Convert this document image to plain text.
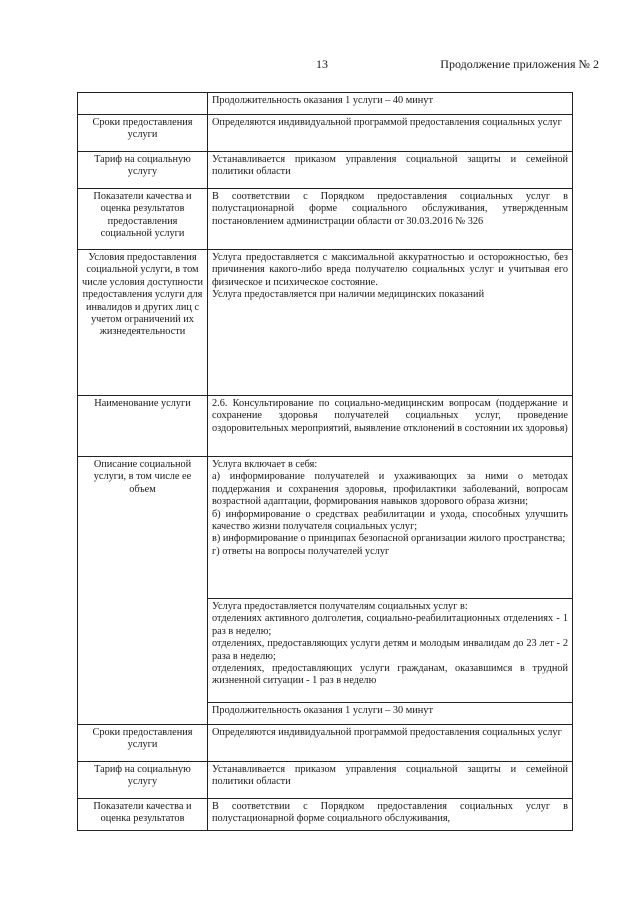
13	Продолжение приложения № 2
	Продолжительность оказания 1 услуги – 40 минут
Сроки предоставления услуги	Определяются индивидуальной программой предоставления социальных услуг
Тариф на социальную услугу	Устанавливается приказом управления социальной защиты и семейной политики области
Показатели качества и оценка результатов предоставления социальной услуги	В соответствии с Порядком предоставления социальных услуг в полустационарной форме социального обслуживания, утвержденным постановлением администрации области от 30.03.2016 № 326
Условия предоставления социальной услуги, в том числе условия доступности предоставления услуги для инвалидов и других лиц с учетом ограничений их жизнедеятельности	Услуга предоставляется с максимальной аккуратностью и осторожностью, без причинения какого-либо вреда получателю социальных услуг и учитывая его физическое и психическое состояние.
Услуга предоставляется при наличии медицинских показаний

Наименование услуги	2.6. Консультирование по социально-медицинским вопросам (поддержание и сохранение здоровья получателей социальных услуг, проведение оздоровительных мероприятий, выявление отклонений в состоянии их здоровья)
Описание социальной услуги, в том числе ее объем	Услуга включает в себя:
а) информирование получателей и ухаживающих за ними о методах поддержания и сохранения здоровья, профилактики заболеваний, вопросам возрастной адаптации, формирования навыков здорового образа жизни;
б) информирование о средствах реабилитации и ухода, способных улучшить качество жизни получателя социальных услуг;
в) информирование о принципах безопасной организации жилого пространства;
г) ответы на вопросы получателей услуг

	Услуга предоставляется получателям социальных услуг в:
отделениях активного долголетия, социально-реабилитационных отделениях - 1 раз в неделю;
отделениях, предоставляющих услуги детям и молодым инвалидам до 23 лет - 2 раза в неделю;
отделениях, предоставляющих услуги гражданам, оказавшимся в трудной жизненной ситуации - 1 раз в неделю

	Продолжительность оказания 1 услуги – 30 минут
Сроки предоставления услуги	Определяются индивидуальной программой предоставления социальных услуг
Тариф на социальную услугу	Устанавливается приказом управления социальной защиты и семейной политики области
Показатели качества и оценка результатов	В соответствии с Порядком предоставления социальных услуг в полустационарной форме социального обслуживания,
